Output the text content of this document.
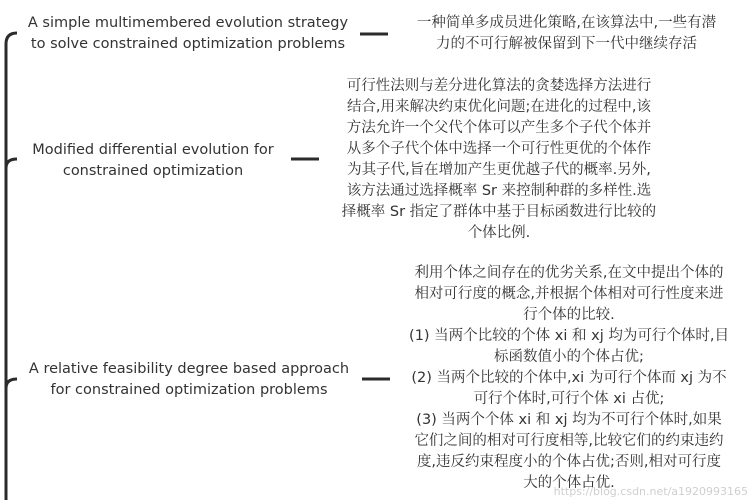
A simple multimembered evolution strategy
to solve constrained optimization problems
一种简单多成员进化策略,在该算法中,一些有潜
力的不可行解被保留到下一代中继续存活
Modified differential evolution for
constrained optimization
可行性法则与差分进化算法的贪婪选择方法进行
结合,用来解决约束优化问题;在进化的过程中,该
方法允许一个父代个体可以产生多个子代个体并
从多个子代个体中选择一个可行性更优的个体作
为其子代,旨在增加产生更优越子代的概率.另外,
该方法通过选择概率 Sr 来控制种群的多样性.选
择概率 Sr 指定了群体中基于目标函数进行比较的
个体比例.
A relative feasibility degree based approach
for constrained optimization problems
利用个体之间存在的优劣关系,在文中提出个体的
相对可行度的概念,并根据个体相对可行性度来进
行个体的比较.
(1) 当两个比较的个体 xi 和 xj 均为可行个体时,目
标函数值小的个体占优;
(2) 当两个比较的个体中,xi 为可行个体而 xj 为不
可行个体时,可行个体 xi 占优;
(3) 当两个个体 xi 和 xj 均为不可行个体时,如果
它们之间的相对可行度相等,比较它们的约束违约
度,违反约束程度小的个体占优;否则,相对可行度
大的个体占优.
https://blog.csdn.net/a1920993165
